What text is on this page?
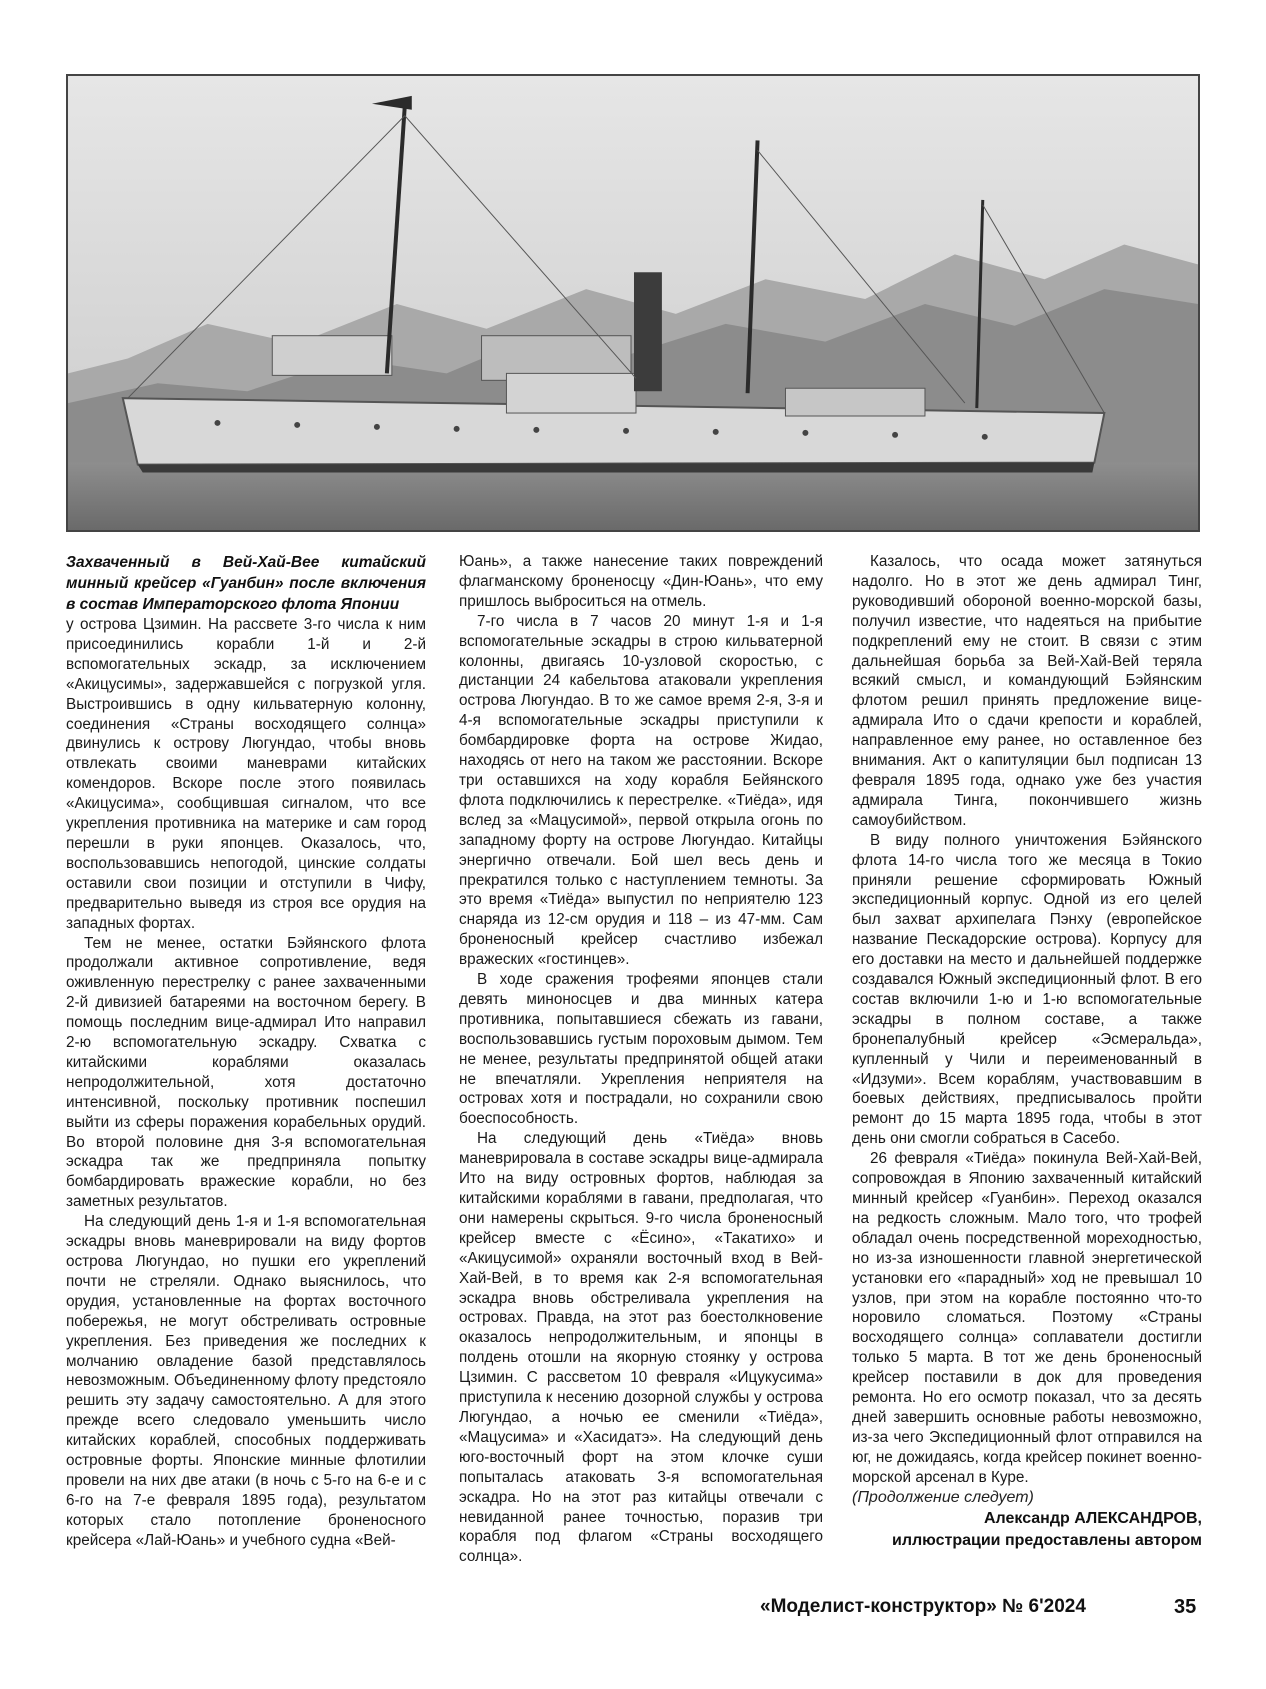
Захваченный в Вей-Хай-Вее китайский минный крейсер «Гуанбин» после включения в состав Императорского флота Японии

у острова Цзимин. На рассвете 3-го числа к ним присоединились корабли 1-й и 2-й вспомогательных эскадр, за исключением «Акицусимы», задержавшейся с погрузкой угля. Выстроившись в одну кильватерную колонну, соединения «Страны восходящего солнца» двинулись к острову Люгундао, чтобы вновь отвлекать своими маневрами китайских комендоров. Вскоре после этого появилась «Акицусима», сообщившая сигналом, что все укрепления противника на материке и сам город перешли в руки японцев. Оказалось, что, воспользовавшись непогодой, цинские солдаты оставили свои позиции и отступили в Чифу, предварительно выведя из строя все орудия на западных фортах.

Тем не менее, остатки Бэйянского флота продолжали активное сопротивление, ведя оживленную перестрелку с ранее захваченными 2-й дивизией батареями на восточном берегу. В помощь последним вице-адмирал Ито направил 2-ю вспомогательную эскадру. Схватка с китайскими кораблями оказалась непродолжительной, хотя достаточно интенсивной, поскольку противник поспешил выйти из сферы поражения корабельных орудий. Во второй половине дня 3-я вспомогательная эскадра так же предприняла попытку бомбардировать вражеские корабли, но без заметных результатов.

На следующий день 1-я и 1-я вспомогательная эскадры вновь маневрировали на виду фортов острова Люгундао, но пушки его укреплений почти не стреляли. Однако выяснилось, что орудия, установленные на фортах восточного побережья, не могут обстреливать островные укрепления. Без приведения же последних к молчанию овладение базой представлялось невозможным. Объединенному флоту предстояло решить эту задачу самостоятельно. А для этого прежде всего следовало уменьшить число китайских кораблей, способных поддерживать островные форты. Японские минные флотилии провели на них две атаки (в ночь с 5-го на 6-е и с 6-го на 7-е февраля 1895 года), результатом которых стало потопление броненосного крейсера «Лай-Юань» и учебного судна «Вей-

Юань», а также нанесение таких повреждений флагманскому броненосцу «Дин-Юань», что ему пришлось выброситься на отмель.

7-го числа в 7 часов 20 минут 1-я и 1-я вспомогательные эскадры в строю кильватерной колонны, двигаясь 10-узловой скоростью, с дистанции 24 кабельтова атаковали укрепления острова Люгундао. В то же самое время 2-я, 3-я и 4-я вспомогательные эскадры приступили к бомбардировке форта на острове Жидао, находясь от него на таком же расстоянии. Вскоре три оставшихся на ходу корабля Бейянского флота подключились к перестрелке. «Тиёда», идя вслед за «Мацусимой», первой открыла огонь по западному форту на острове Люгундао. Китайцы энергично отвечали. Бой шел весь день и прекратился только с наступлением темноты. За это время «Тиёда» выпустил по неприятелю 123 снаряда из 12-см орудия и 118 – из 47-мм. Сам броненосный крейсер счастливо избежал вражеских «гостинцев».

В ходе сражения трофеями японцев стали девять миноносцев и два минных катера противника, попытавшиеся сбежать из гавани, воспользовавшись густым пороховым дымом. Тем не менее, результаты предпринятой общей атаки не впечатляли. Укрепления неприятеля на островах хотя и пострадали, но сохранили свою боеспособность.

На следующий день «Тиёда» вновь маневрировала в составе эскадры вице-адмирала Ито на виду островных фортов, наблюдая за китайскими кораблями в гавани, предполагая, что они намерены скрыться. 9-го числа броненосный крейсер вместе с «Ёсино», «Такатихо» и «Акицусимой» охраняли восточный вход в Вей-Хай-Вей, в то время как 2-я вспомогательная эскадра вновь обстреливала укрепления на островах. Правда, на этот раз боестолкновение оказалось непродолжительным, и японцы в полдень отошли на якорную стоянку у острова Цзимин. С рассветом 10 февраля «Ицукусима» приступила к несению дозорной службы у острова Люгундао, а ночью ее сменили «Тиёда», «Мацусима» и «Хасидатэ». На следующий день юго-восточный форт на этом клочке суши попыталась атаковать 3-я вспомогательная эскадра. Но на этот раз китайцы отвечали с невиданной ранее точностью, поразив три корабля под флагом «Страны восходящего солнца».

Казалось, что осада может затянуться надолго. Но в этот же день адмирал Тинг, руководивший обороной военно-морской базы, получил известие, что надеяться на прибытие подкреплений ему не стоит. В связи с этим дальнейшая борьба за Вей-Хай-Вей теряла всякий смысл, и командующий Бэйянским флотом решил принять предложение вице-адмирала Ито о сдачи крепости и кораблей, направленное ему ранее, но оставленное без внимания. Акт о капитуляции был подписан 13 февраля 1895 года, однако уже без участия адмирала Тинга, покончившего жизнь самоубийством.

В виду полного уничтожения Бэйянского флота 14-го числа того же месяца в Токио приняли решение сформировать Южный экспедиционный корпус. Одной из его целей был захват архипелага Пэнху (европейское название Пескадорские острова). Корпусу для его доставки на место и дальнейшей поддержке создавался Южный экспедиционный флот. В его состав включили 1-ю и 1-ю вспомогательные эскадры в полном составе, а также бронепалубный крейсер «Эсмеральда», купленный у Чили и переименованный в «Идзуми». Всем кораблям, участвовавшим в боевых действиях, предписывалось пройти ремонт до 15 марта 1895 года, чтобы в этот день они смогли собраться в Сасебо.

26 февраля «Тиёда» покинула Вей-Хай-Вей, сопровождая в Японию захваченный китайский минный крейсер «Гуанбин». Переход оказался на редкость сложным. Мало того, что трофей обладал очень посредственной мореходностью, но из-за изношенности главной энергетической установки его «парадный» ход не превышал 10 узлов, при этом на корабле постоянно что-то норовило сломаться. Поэтому «Страны восходящего солнца» соплаватели достигли только 5 марта. В тот же день броненосный крейсер поставили в док для проведения ремонта. Но его осмотр показал, что за десять дней завершить основные работы невозможно, из-за чего Экспедиционный флот отправился на юг, не дожидаясь, когда крейсер покинет военно-морской арсенал в Куре.

(Продолжение следует)

Александр АЛЕКСАНДРОВ,
иллюстрации предоставлены автором
«Моделист-конструктор» № 6'2024	35
